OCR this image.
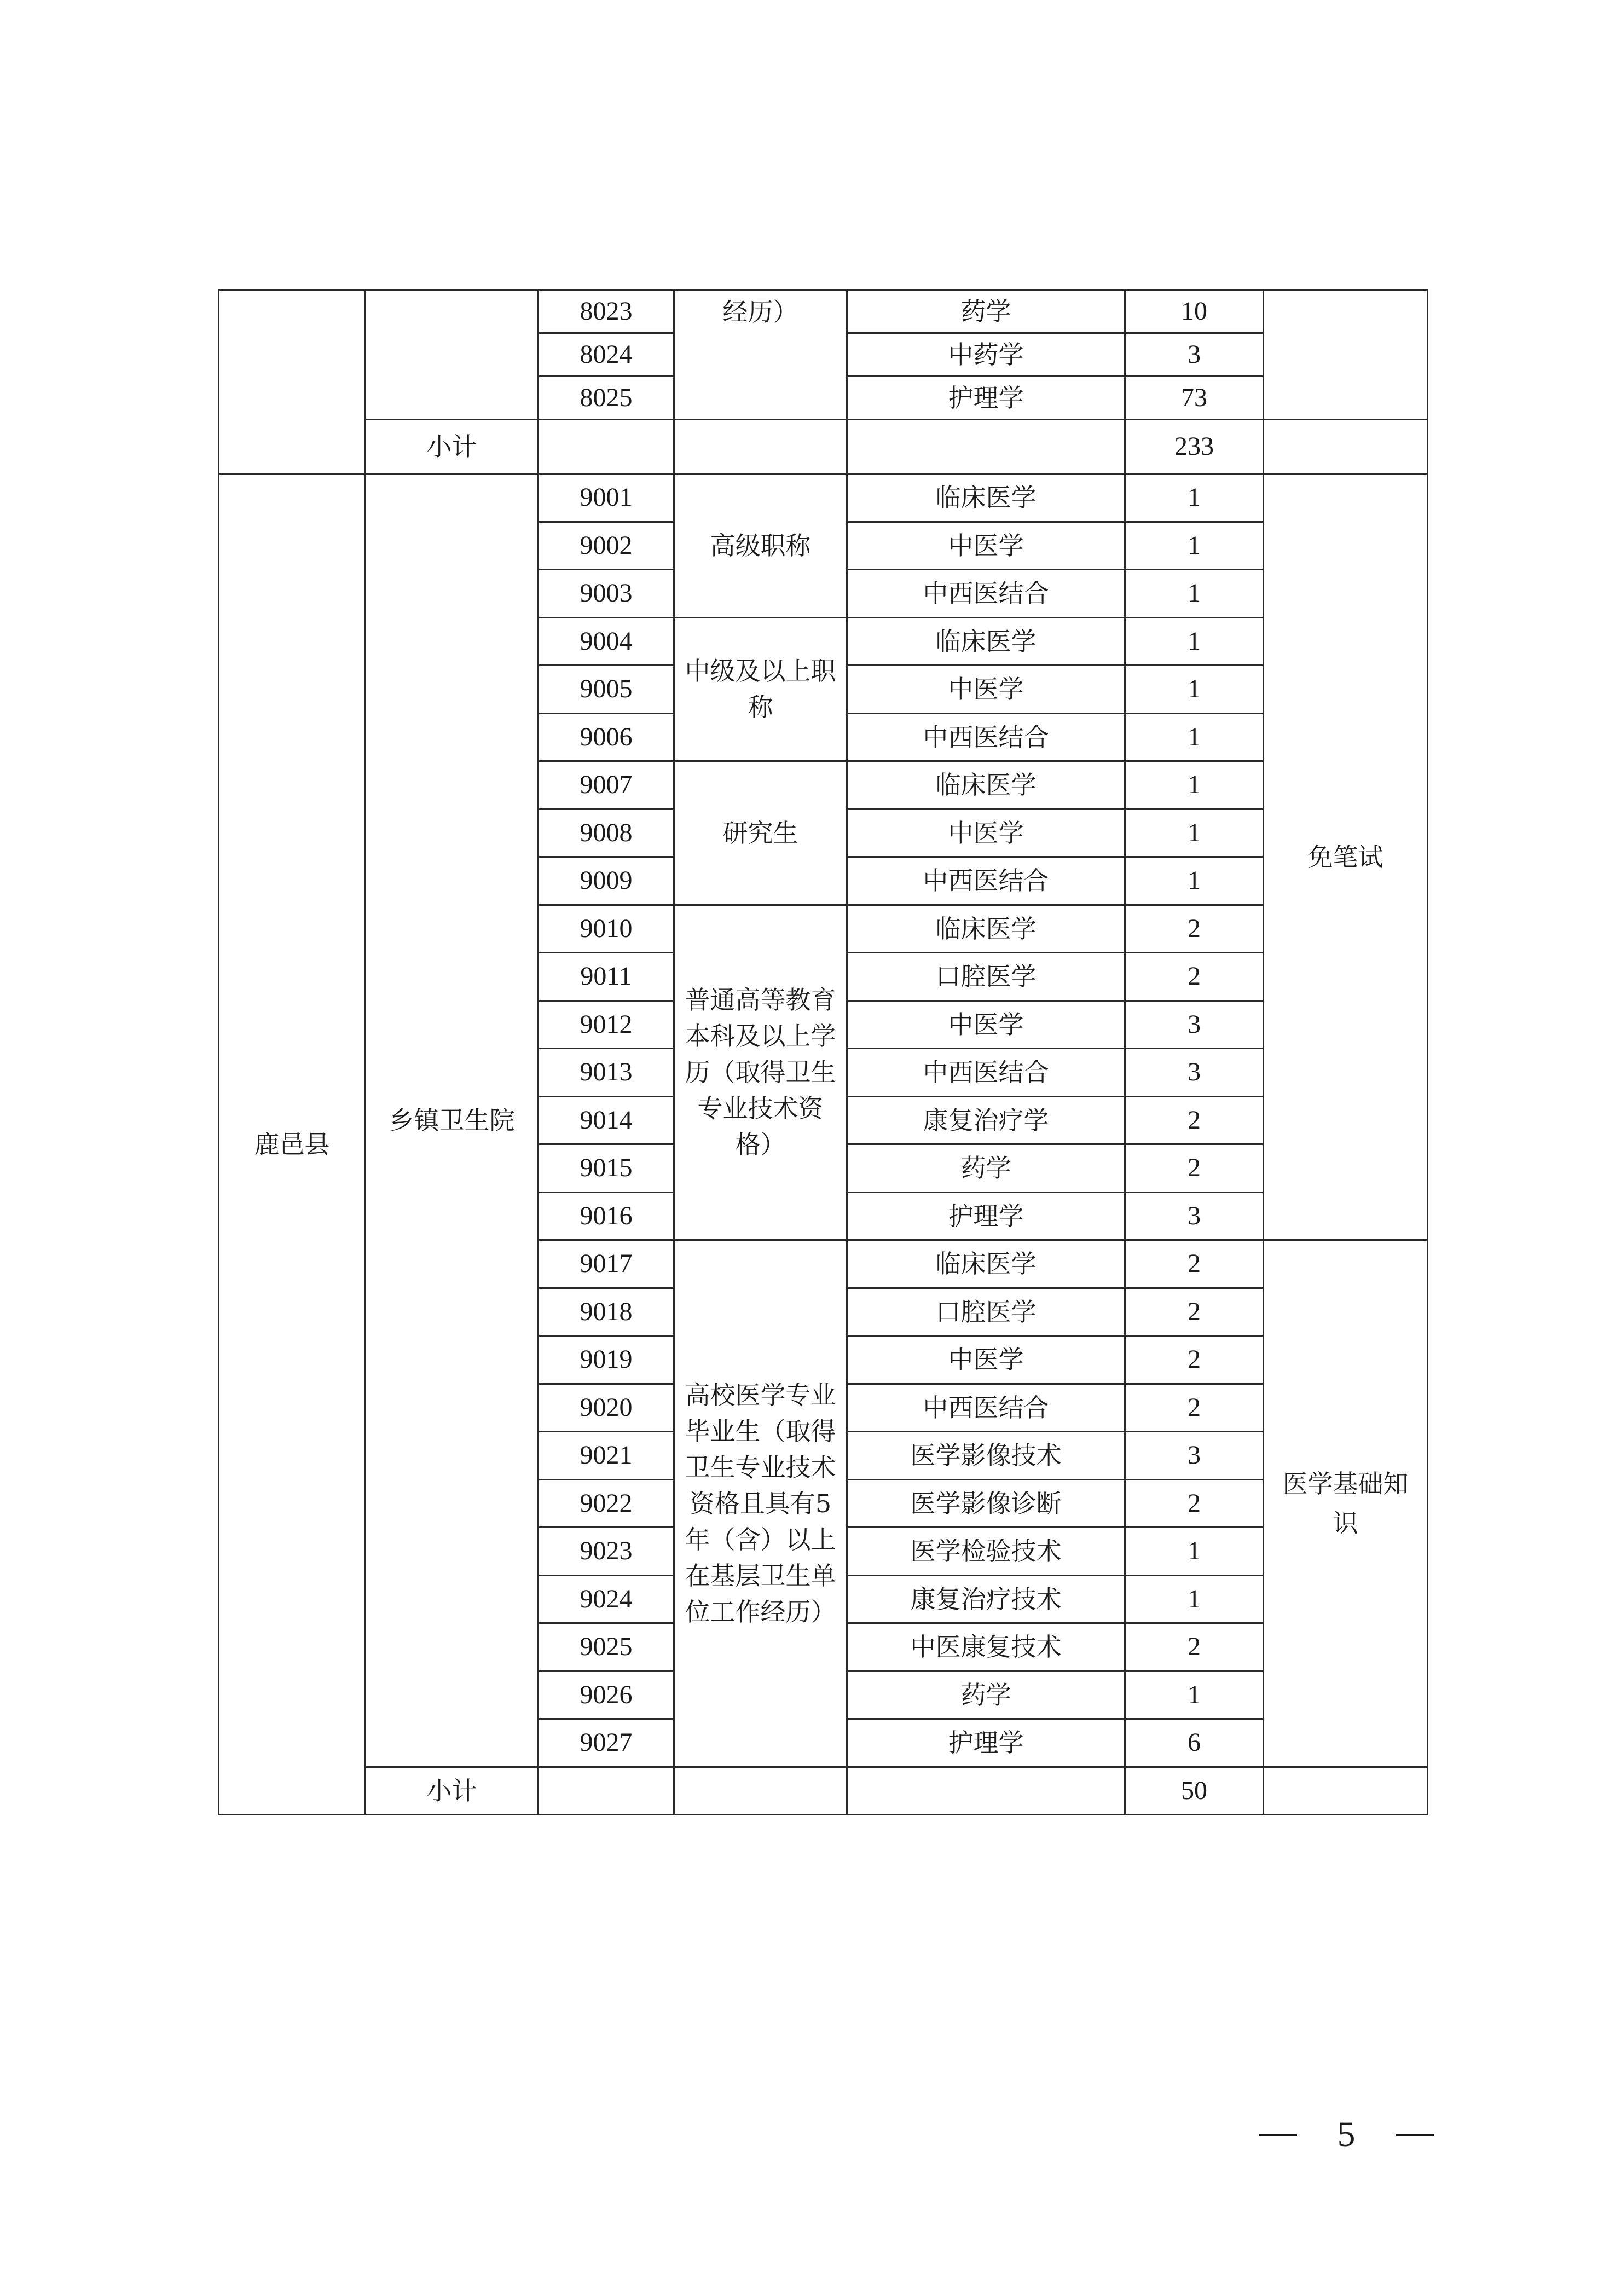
		8023	经历）	药学	10	
		8024		中药学	3	
		8025		护理学	73	
	小计				233	
鹿邑县	乡镇卫生院	9001	高级职称	临床医学	1	免笔试
		9002		中医学	1	
		9003		中西医结合	1	
		9004	中级及以上职称	临床医学	1	
		9005		中医学	1	
		9006		中西医结合	1	
		9007	研究生	临床医学	1	
		9008		中医学	1	
		9009		中西医结合	1	
		9010	普通高等教育本科及以上学历（取得卫生专业技术资格）	临床医学	2	
		9011		口腔医学	2	
		9012		中医学	3	
		9013		中西医结合	3	
		9014		康复治疗学	2	
		9015		药学	2	
		9016		护理学	3	
		9017	高校医学专业毕业生（取得卫生专业技术资格且具有5年（含）以上在基层卫生单位工作经历）	临床医学	2	医学基础知识
		9018		口腔医学	2	
		9019		中医学	2	
		9020		中西医结合	2	
		9021		医学影像技术	3	
		9022		医学影像诊断	2	
		9023		医学检验技术	1	
		9024		康复治疗技术	1	
		9025		中医康复技术	2	
		9026		药学	1	
		9027		护理学	6	
	小计				50	
5
